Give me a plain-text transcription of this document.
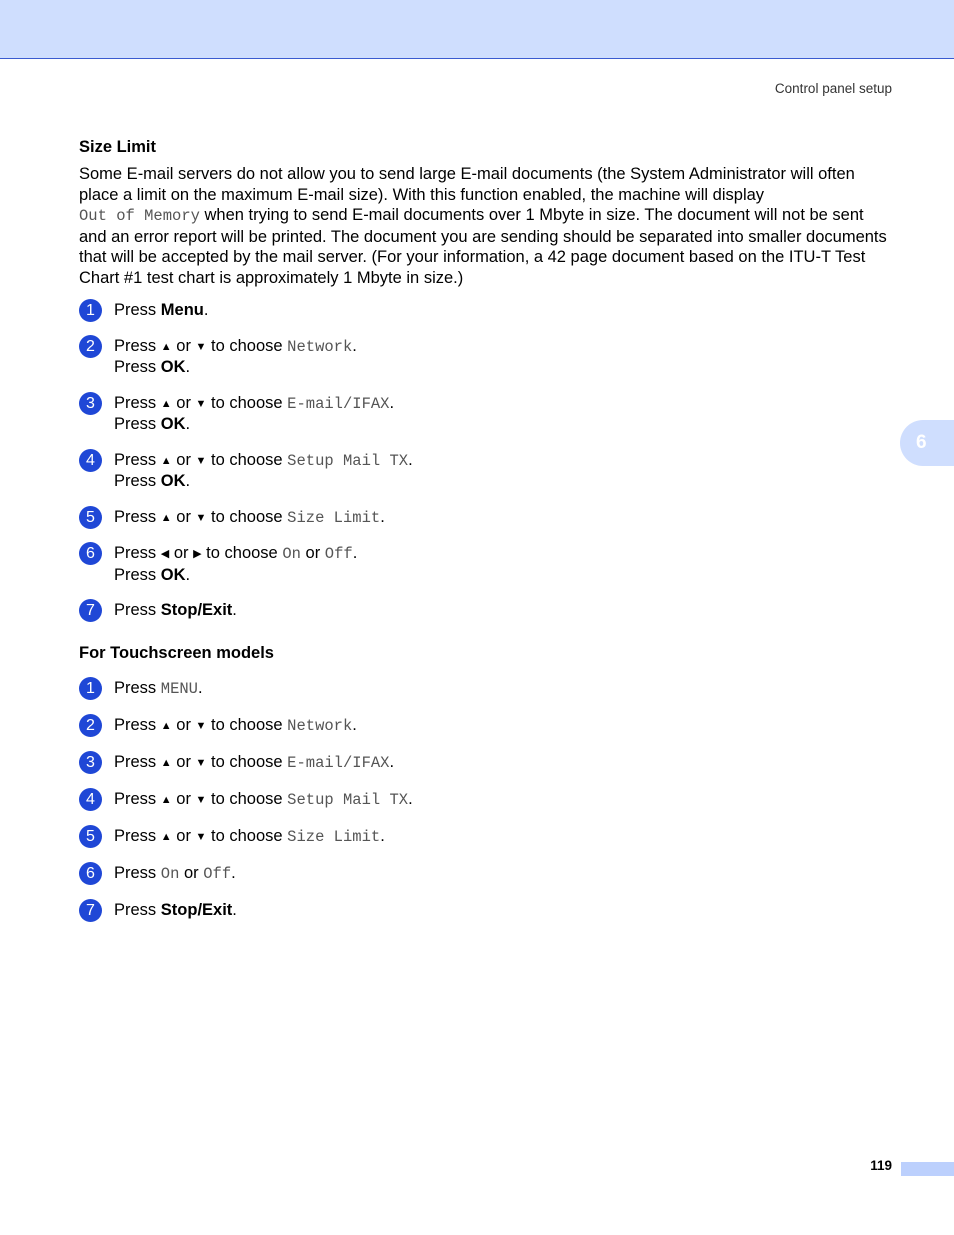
Control panel setup
6
Size Limit

Some E-mail servers do not allow you to send large E-mail documents (the System Administrator will often place a limit on the maximum E-mail size). With this function enabled, the machine will display
Out of Memory when trying to send E-mail documents over 1 Mbyte in size. The document will not be sent and an error report will be printed. The document you are sending should be separated into smaller documents that will be accepted by the mail server. (For your information, a 42 page document based on the ITU-T Test Chart #1 test chart is approximately 1 Mbyte in size.)

1	Press Menu.
2	Press ▲ or ▼ to choose Network.
Press OK.
3	Press ▲ or ▼ to choose E-mail/IFAX.
Press OK.
4	Press ▲ or ▼ to choose Setup Mail TX.
Press OK.
5	Press ▲ or ▼ to choose Size Limit.
6	Press ◀ or ▶ to choose On or Off.
Press OK.
7	Press Stop/Exit.
For Touchscreen models
1	Press MENU.
2	Press ▲ or ▼ to choose Network.
3	Press ▲ or ▼ to choose E-mail/IFAX.
4	Press ▲ or ▼ to choose Setup Mail TX.
5	Press ▲ or ▼ to choose Size Limit.
6	Press On or Off.
7	Press Stop/Exit.
119
